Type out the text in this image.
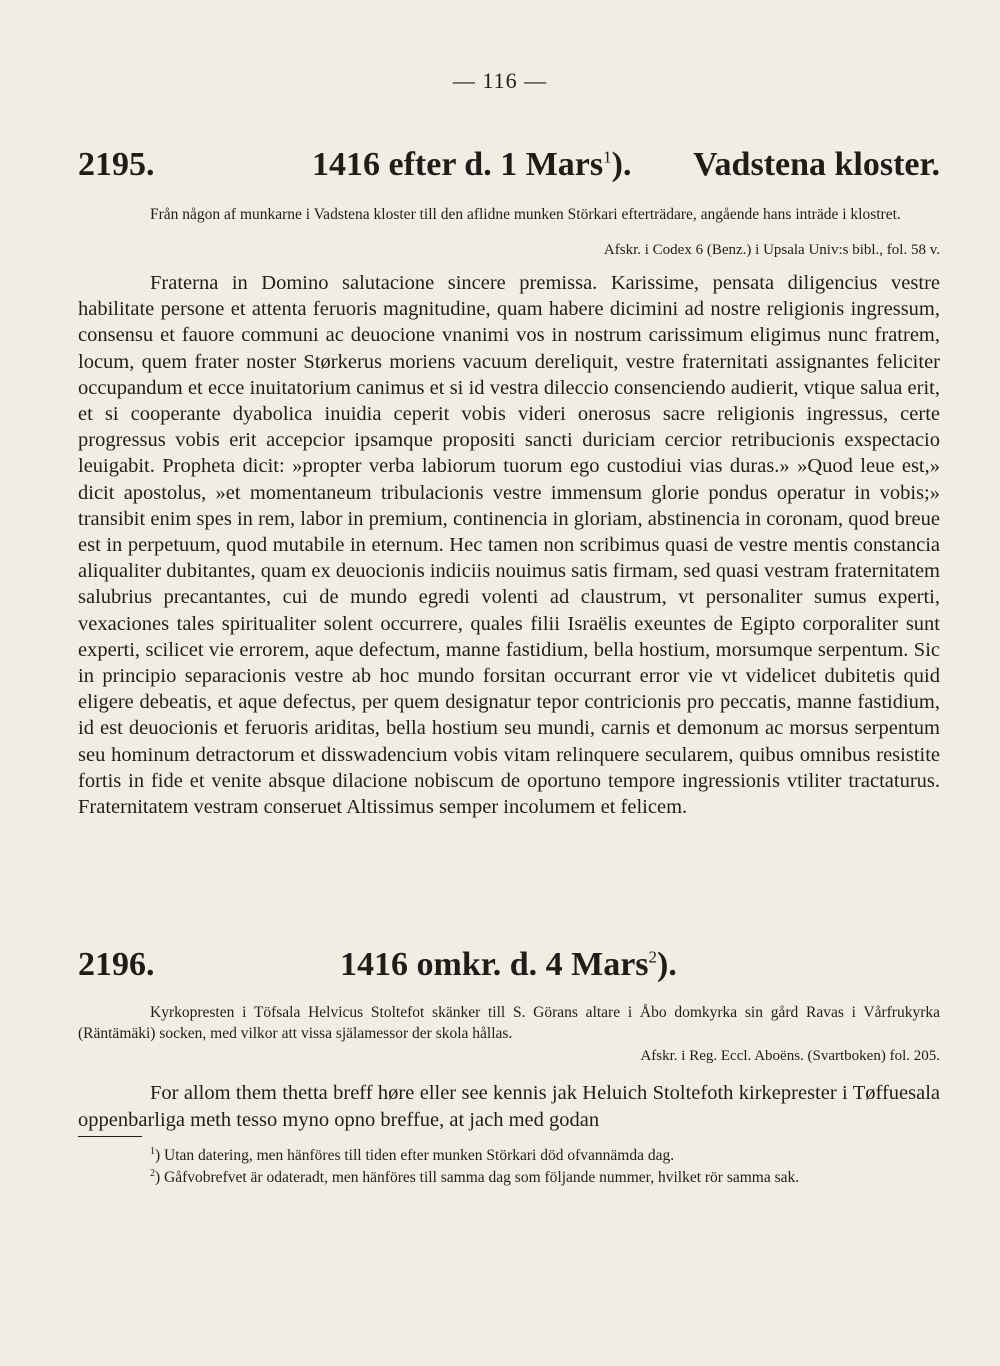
— 116 —
2195.	1416 efter d. 1 Mars$^1$). Vadstena kloster.
Från någon af munkarne i Vadstena kloster till den aflidne munken Störkari efterträdare, angående hans inträde i klostret.
Afskr. i Codex 6 (Benz.) i Upsala Univ:s bibl., fol. 58 v.
Fraterna in Domino salutacione sincere premissa. Karissime, pensata diligencius vestre habilitate persone et attenta feruoris magnitudine, quam habere dicimini ad nostre religionis ingressum, consensu et fauore communi ac deuocione vnanimi vos in nostrum carissimum eligimus nunc fratrem, locum, quem frater noster Størkerus moriens vacuum dereliquit, vestre fraternitati assignantes feliciter occupandum et ecce inuitatorium canimus et si id vestra dileccio consenciendo audierit, vtique salua erit, et si cooperante dyabolica inuidia ceperit vobis videri onerosus sacre religionis ingressus, certe progressus vobis erit accepcior ipsamque propositi sancti duriciam cercior retribucionis exspectacio leuigabit. Propheta dicit: »propter verba labiorum tuorum ego custodiui vias duras.» »Quod leue est,» dicit apostolus, »et momentaneum tribulacionis vestre immensum glorie pondus operatur in vobis;» transibit enim spes in rem, labor in premium, continencia in gloriam, abstinencia in coronam, quod breue est in perpetuum, quod mutabile in eternum. Hec tamen non scribimus quasi de vestre mentis constancia aliqualiter dubitantes, quam ex deuocionis indiciis nouimus satis firmam, sed quasi vestram fraternitatem salubrius precantantes, cui de mundo egredi volenti ad claustrum, vt personaliter sumus experti, vexaciones tales spiritualiter solent occurrere, quales filii Israëlis exeuntes de Egipto corporaliter sunt experti, scilicet vie errorem, aque defectum, manne fastidium, bella hostium, morsumque serpentum. Sic in principio separacionis vestre ab hoc mundo forsitan occurrant error vie vt videlicet dubitetis quid eligere debeatis, et aque defectus, per quem designatur tepor contricionis pro peccatis, manne fastidium, id est deuocionis et feruoris ariditas, bella hostium seu mundi, carnis et demonum ac morsus serpentum seu hominum detractorum et disswadencium vobis vitam relinquere secularem, quibus omnibus resistite fortis in fide et venite absque dilacione nobiscum de oportuno tempore ingressionis vtiliter tractaturus. Fraternitatem vestram conseruet Altissimus semper incolumem et felicem.
2196.	1416 omkr. d. 4 Mars$^2$).
Kyrkopresten i Töfsala Helvicus Stoltefot skänker till S. Görans altare i Åbo domkyrka sin gård Ravas i Vårfrukyrka (Räntämäki) socken, med vilkor att vissa själamessor der skola hållas.
Afskr. i Reg. Eccl. Aboëns. (Svartboken) fol. 205.
For allom them thetta breff høre eller see kennis jak Heluich Stoltefoth kirkeprester i Tøffuesala oppenbarliga meth tesso myno opno breffue, at jach med godan
$^1$) Utan datering, men hänföres till tiden efter munken Störkari död ofvannämda dag.
$^2$) Gåfvobrefvet är odateradt, men hänföres till samma dag som följande nummer, hvilket rör samma sak.
